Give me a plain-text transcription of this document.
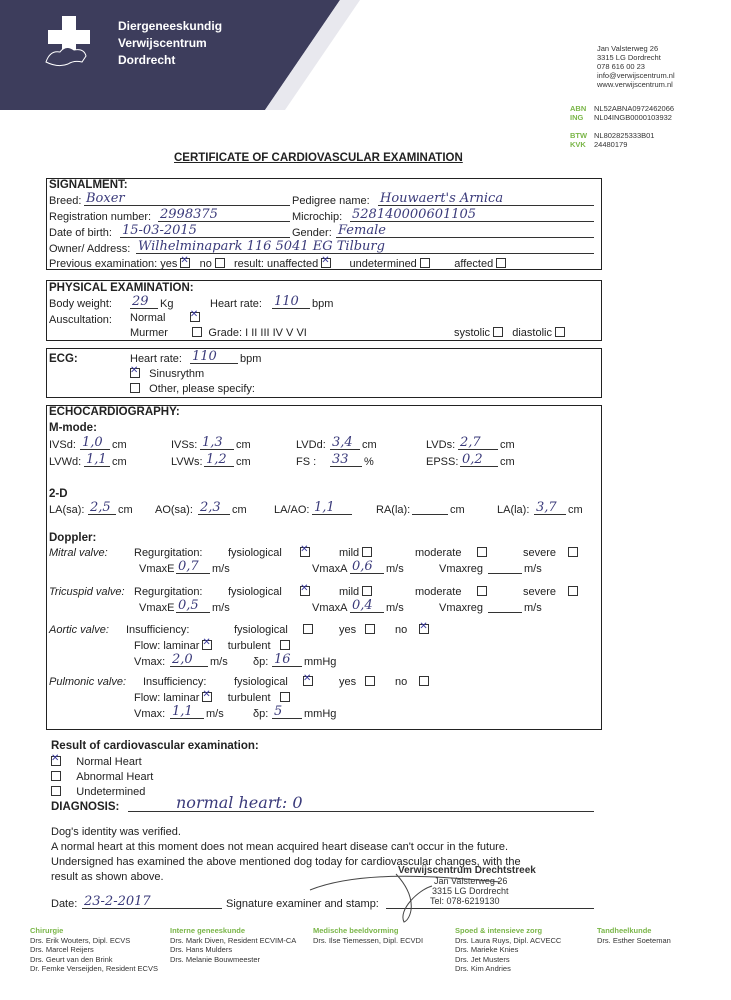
Diergeneeskundig
Verwijscentrum
Dordrecht
Jan Valsterweg 26
3315 LG Dordrecht
078 616 00 23
info@verwijscentrum.nl
www.verwijscentrum.nl
ABN NL52ABNA0972462066
ING NL04INGB0000103932
BTW NL802825333B01
KVK 24480179
CERTIFICATE OF CARDIOVASCULAR EXAMINATION
SIGNALMENT:
Breed: Boxer	Pedigree name: Houwaert's Arnica
Registration number: 2998375	Microchip: 528140000601105
Date of birth: 15-03-2015	Gender: Female
Owner/ Address: Wilhelminapark 116 5041 EG Tilburg
Previous examination: yes ✕ no result: unaffected ✕	undetermined	affected
PHYSICAL EXAMINATION:
Body weight: 29 Kg	Heart rate: 110 bpm
Auscultation: Normal       ✕
Murmer	Grade: I II III IV V VI	systolic diastolic
ECG:	Heart rate: 110 bpm
✕   Sinusrythm
Other, please specify:
ECHOCARDIOGRAPHY:
M-mode:
IVSd: 1,0 cm	IVSs: 1,3 cm	LVDd: 3,4 cm	LVDs: 2,7 cm
LVWd: 1,1 cm	LVWs: 1,2 cm	FS : 33 %	EPSS: 0,2 cm
2-D
LA(sa): 2,5 cm AO(sa): 2,3 cm LA/AO: 1,1	RA(la):	cm	LA(la): 3,7 cm
Doppler:
Mitral valve: Regurgitation: fysiological ✕	mild	moderate	severe
VmaxE 0,7 m/s	VmaxA 0,6 m/s	Vmaxreg	m/s
Tricuspid valve: Regurgitation: fysiological ✕	mild	moderate	severe
VmaxE 0,5 m/s	VmaxA 0,4 m/s	Vmaxreg	m/s
Aortic valve: Insufficiency:	fysiological	yes	no   ✕
Flow: laminar ✕	turbulent
Vmax: 2,0 m/s δp: 16 mmHg
Pulmonic valve: Insufficiency:	fysiological ✕	yes	no
Flow: laminar ✕	turbulent
Vmax: 1,1 m/s	δp: 5 mmHg
Result of cardiovascular examination:
✕     Normal Heart
Abnormal Heart
Undetermined
DIAGNOSIS:	normal heart: 0
Dog's identity was verified.
A normal heart at this moment does not mean acquired heart disease can't occur in the future.
Undersigned has examined the above mentioned dog today for cardiovascular changes, with the
result as shown above.
Date: 23-2-2017	Signature examiner and stamp:
Verwijscentrum Drechtstreek
Jan Valsterweg 26
3315 LG Dordrecht
Tel: 078-6219130
Chirurgie
Drs. Erik Wouters, Dipl. ECVS
Drs. Marcel Reijers
Drs. Geurt van den Brink
Dr. Femke Verseijden, Resident ECVS
Interne geneeskunde
Drs. Mark Diven, Resident ECVIM-CA
Drs. Hans Mulders
Drs. Melanie Bouwmeester
Medische beeldvorming
Drs. Ilse Tiemessen, Dipl. ECVDI
Spoed & intensieve zorg
Drs. Laura Ruys, Dipl. ACVECC
Drs. Marieke Knies
Drs. Jet Musters
Drs. Kim Andries
Tandheelkunde
Drs. Esther Soeteman
